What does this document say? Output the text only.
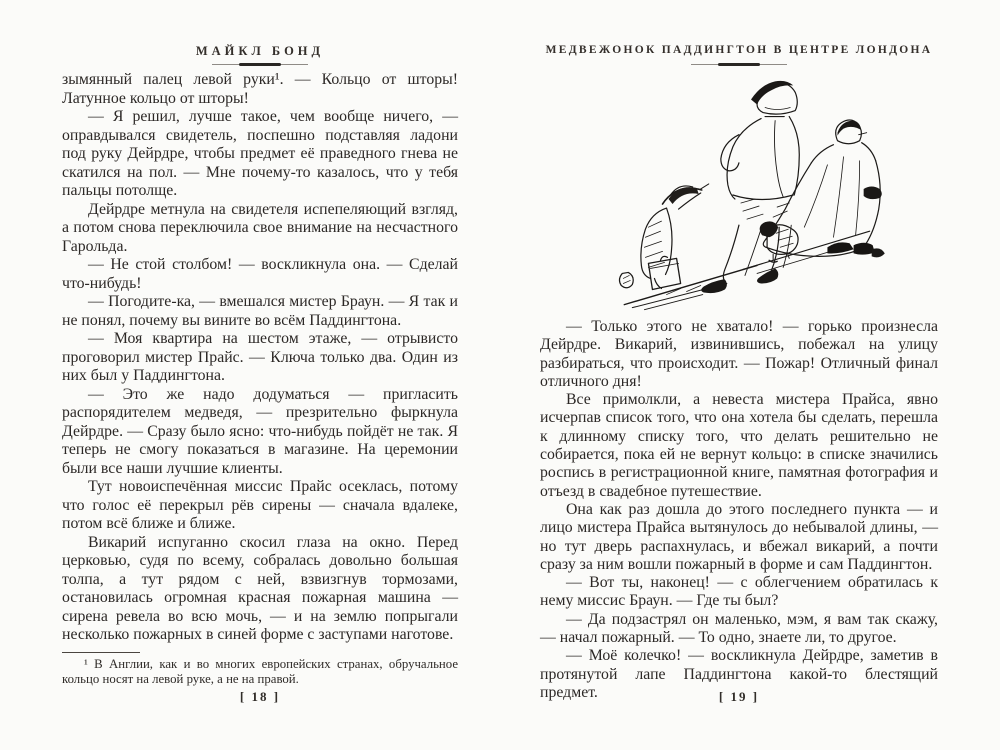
МАЙКЛ БОНД

зымянный палец левой руки¹. — Кольцо от шторы! Латунное кольцо от шторы!

— Я решил, лучше такое, чем вообще ничего, — оправдывался свидетель, поспешно подставляя ладони под руку Дейрдре, чтобы предмет её праведного гнева не скатился на пол. — Мне почему-то казалось, что у тебя пальцы потолще.

Дейрдре метнула на свидетеля испепеляющий взгляд, а потом снова переключила свое внимание на несчастного Гарольда.

— Не стой столбом! — воскликнула она. — Сделай что-нибудь!

— Погодите-ка, — вмешался мистер Браун. — Я так и не понял, почему вы вините во всём Паддингтона.

— Моя квартира на шестом этаже, — отрывисто проговорил мистер Прайс. — Ключа только два. Один из них был у Паддингтона.

— Это же надо додуматься — пригласить распорядителем медведя, — презрительно фыркнула Дейрдре. — Сразу было ясно: что-нибудь пойдёт не так. Я теперь не смогу показаться в магазине. На церемонии были все наши лучшие клиенты.

Тут новоиспечённая миссис Прайс осеклась, потому что голос её перекрыл рёв сирены — сначала вдалеке, потом всё ближе и ближе.

Викарий испуганно скосил глаза на окно. Перед церковью, судя по всему, собралась довольно большая толпа, а тут рядом с ней, взвизгнув тормозами, остановилась огромная красная пожарная машина — сирена ревела во всю мочь, — и на землю попрыгали несколько пожарных в синей форме с заступами наготове.

¹ В Англии, как и во многих европейских странах, обручальное кольцо носят на левой руке, а не на правой.
[ 18 ]
МЕДВЕЖОНОК ПАДДИНГТОН В ЦЕНТРЕ ЛОНДОНА

— Только этого не хватало! — горько произнесла Дейрдре. Викарий, извинившись, побежал на улицу разбираться, что происходит. — Пожар! Отличный финал отличного дня!

Все примолкли, а невеста мистера Прайса, явно исчерпав список того, что она хотела бы сделать, перешла к длинному списку того, что делать решительно не собирается, пока ей не вернут кольцо: в списке значились роспись в регистрационной книге, памятная фотография и отъезд в свадебное путешествие.

Она как раз дошла до этого последнего пункта — и лицо мистера Прайса вытянулось до небывалой длины, — но тут дверь распахнулась, и вбежал викарий, а почти сразу за ним вошли пожарный в форме и сам Паддингтон.

— Вот ты, наконец! — с облегчением обратилась к нему миссис Браун. — Где ты был?

— Да подзастрял он маленько, мэм, я вам так скажу, — начал пожарный. — То одно, знаете ли, то другое.

— Моё колечко! — воскликнула Дейрдре, заметив в протянутой лапе Паддингтона какой-то блестящий предмет.	[ 19 ]
